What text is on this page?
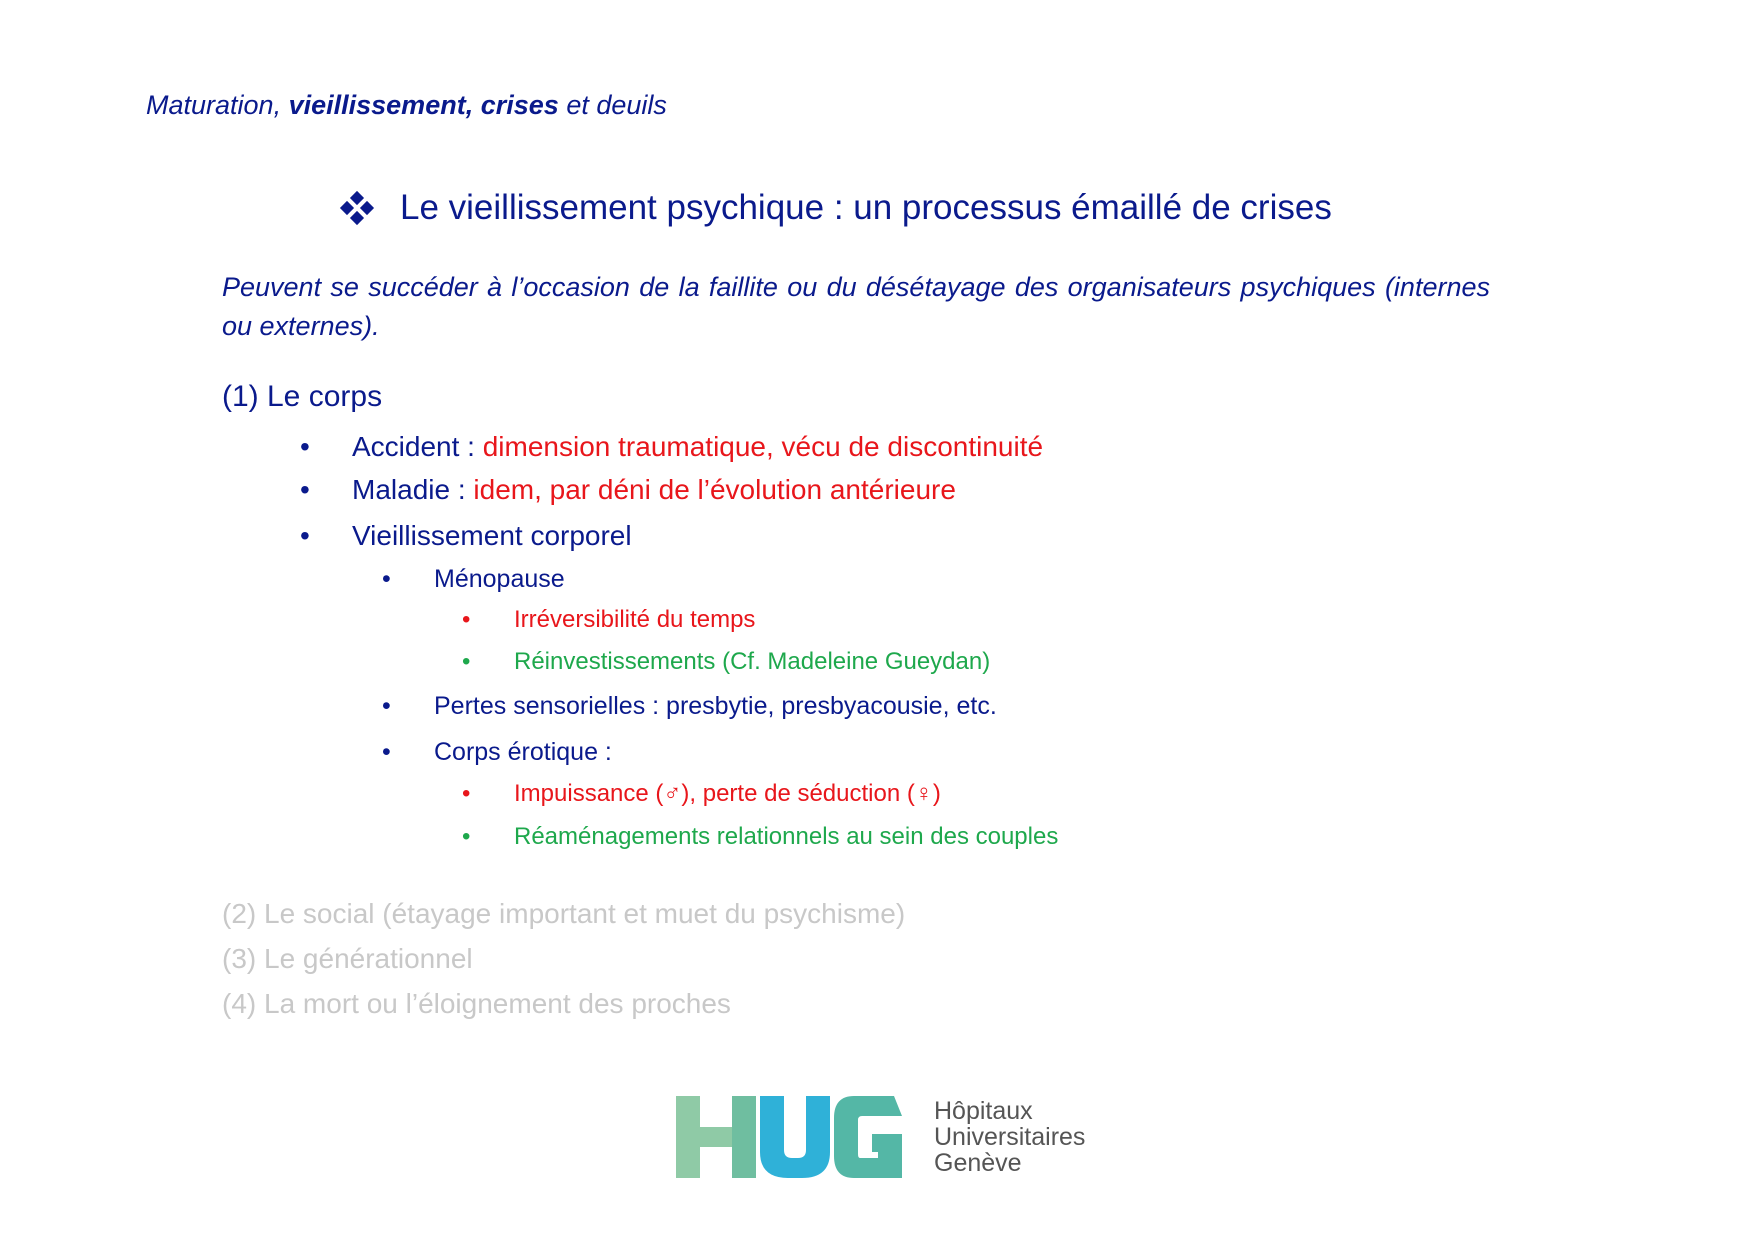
Maturation, vieillissement, crises et deuils
Le vieillissement psychique : un processus émaillé de crises
Peuvent se succéder à l’occasion de la faillite ou du désétayage des organisateurs psychiques (internes ou externes).
(1) Le corps
• Accident : dimension traumatique, vécu de discontinuité
• Maladie : idem, par déni de l’évolution antérieure
• Vieillissement corporel
• Ménopause
• Irréversibilité du temps
• Réinvestissements (Cf. Madeleine Gueydan)
• Pertes sensorielles : presbytie, presbyacousie, etc.
• Corps érotique :
• Impuissance (♂), perte de séduction (♀)
• Réaménagements relationnels au sein des couples
(2) Le social (étayage important et muet du psychisme)
(3) Le générationnel
(4) La mort ou l’éloignement des proches
Hôpitaux
Universitaires
Genève
